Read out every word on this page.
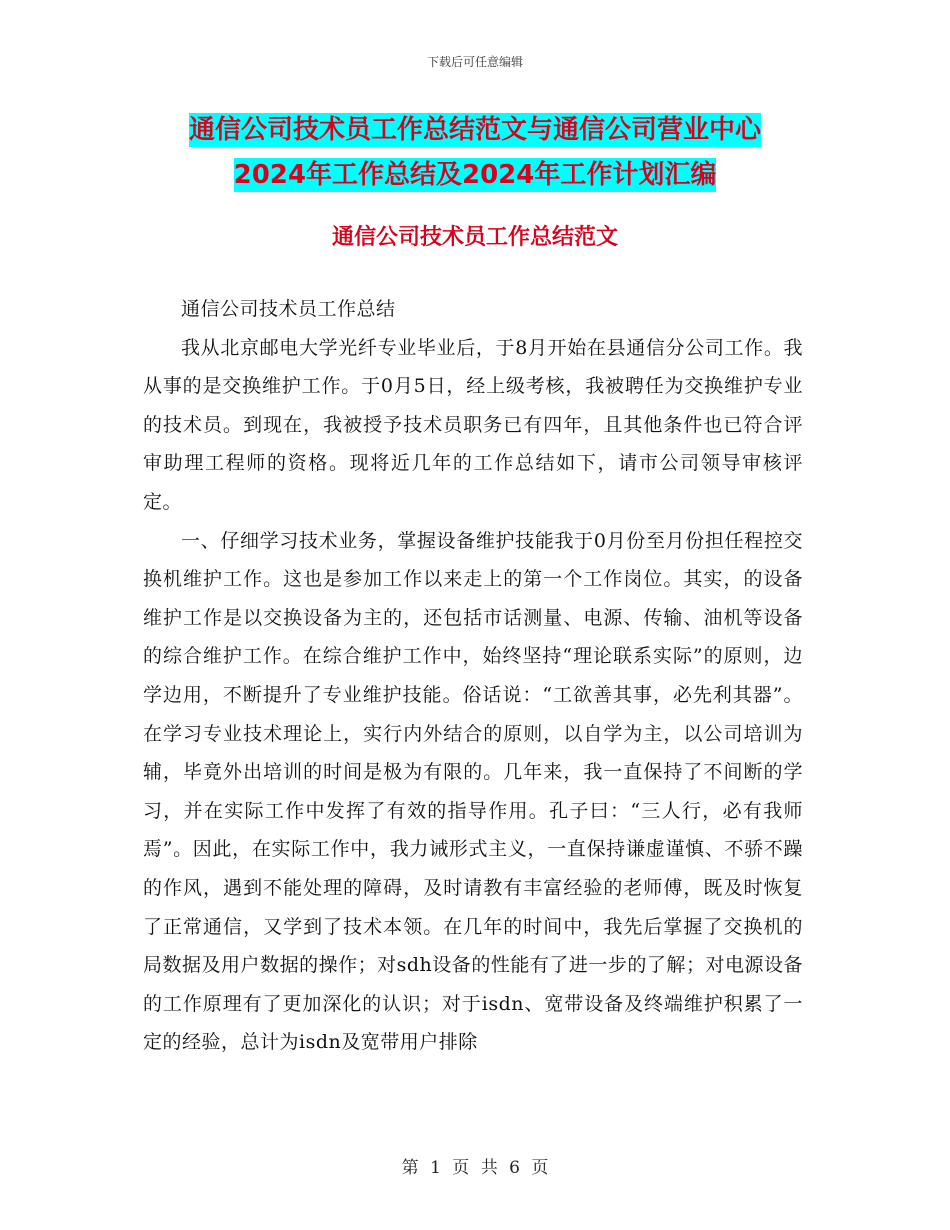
下载后可任意编辑
通信公司技术员工作总结范文与通信公司营业中心
2024年工作总结及2024年工作计划汇编
通信公司技术员工作总结范文

通信公司技术员工作总结

我从北京邮电大学光纤专业毕业后，于8月开始在县通信分公司工作。我从事的是交换维护工作。于0月5日，经上级考核，我被聘任为交换维护专业的技术员。到现在，我被授予技术员职务已有四年，且其他条件也已符合评审助理工程师的资格。现将近几年的工作总结如下，请市公司领导审核评定。

一、仔细学习技术业务，掌握设备维护技能我于0月份至月份担任程控交换机维护工作。这也是参加工作以来走上的第一个工作岗位。其实，的设备维护工作是以交换设备为主的，还包括市话测量、电源、传输、油机等设备的综合维护工作。在综合维护工作中，始终坚持“理论联系实际”的原则，边学边用，不断提升了专业维护技能。俗话说：“工欲善其事，必先利其器”。在学习专业技术理论上，实行内外结合的原则，以自学为主，以公司培训为辅，毕竟外出培训的时间是极为有限的。几年来，我一直保持了不间断的学习，并在实际工作中发挥了有效的指导作用。孔子曰：“三人行，必有我师焉”。因此，在实际工作中，我力诫形式主义，一直保持谦虚谨慎、不骄不躁的作风，遇到不能处理的障碍，及时请教有丰富经验的老师傅，既及时恢复了正常通信，又学到了技术本领。在几年的时间中，我先后掌握了交换机的局数据及用户数据的操作；对sdh设备的性能有了进一步的了解；对电源设备的工作原理有了更加深化的认识；对于isdn、宽带设备及终端维护积累了一定的经验，总计为isdn及宽带用户排除

第 1 页 共 6 页
